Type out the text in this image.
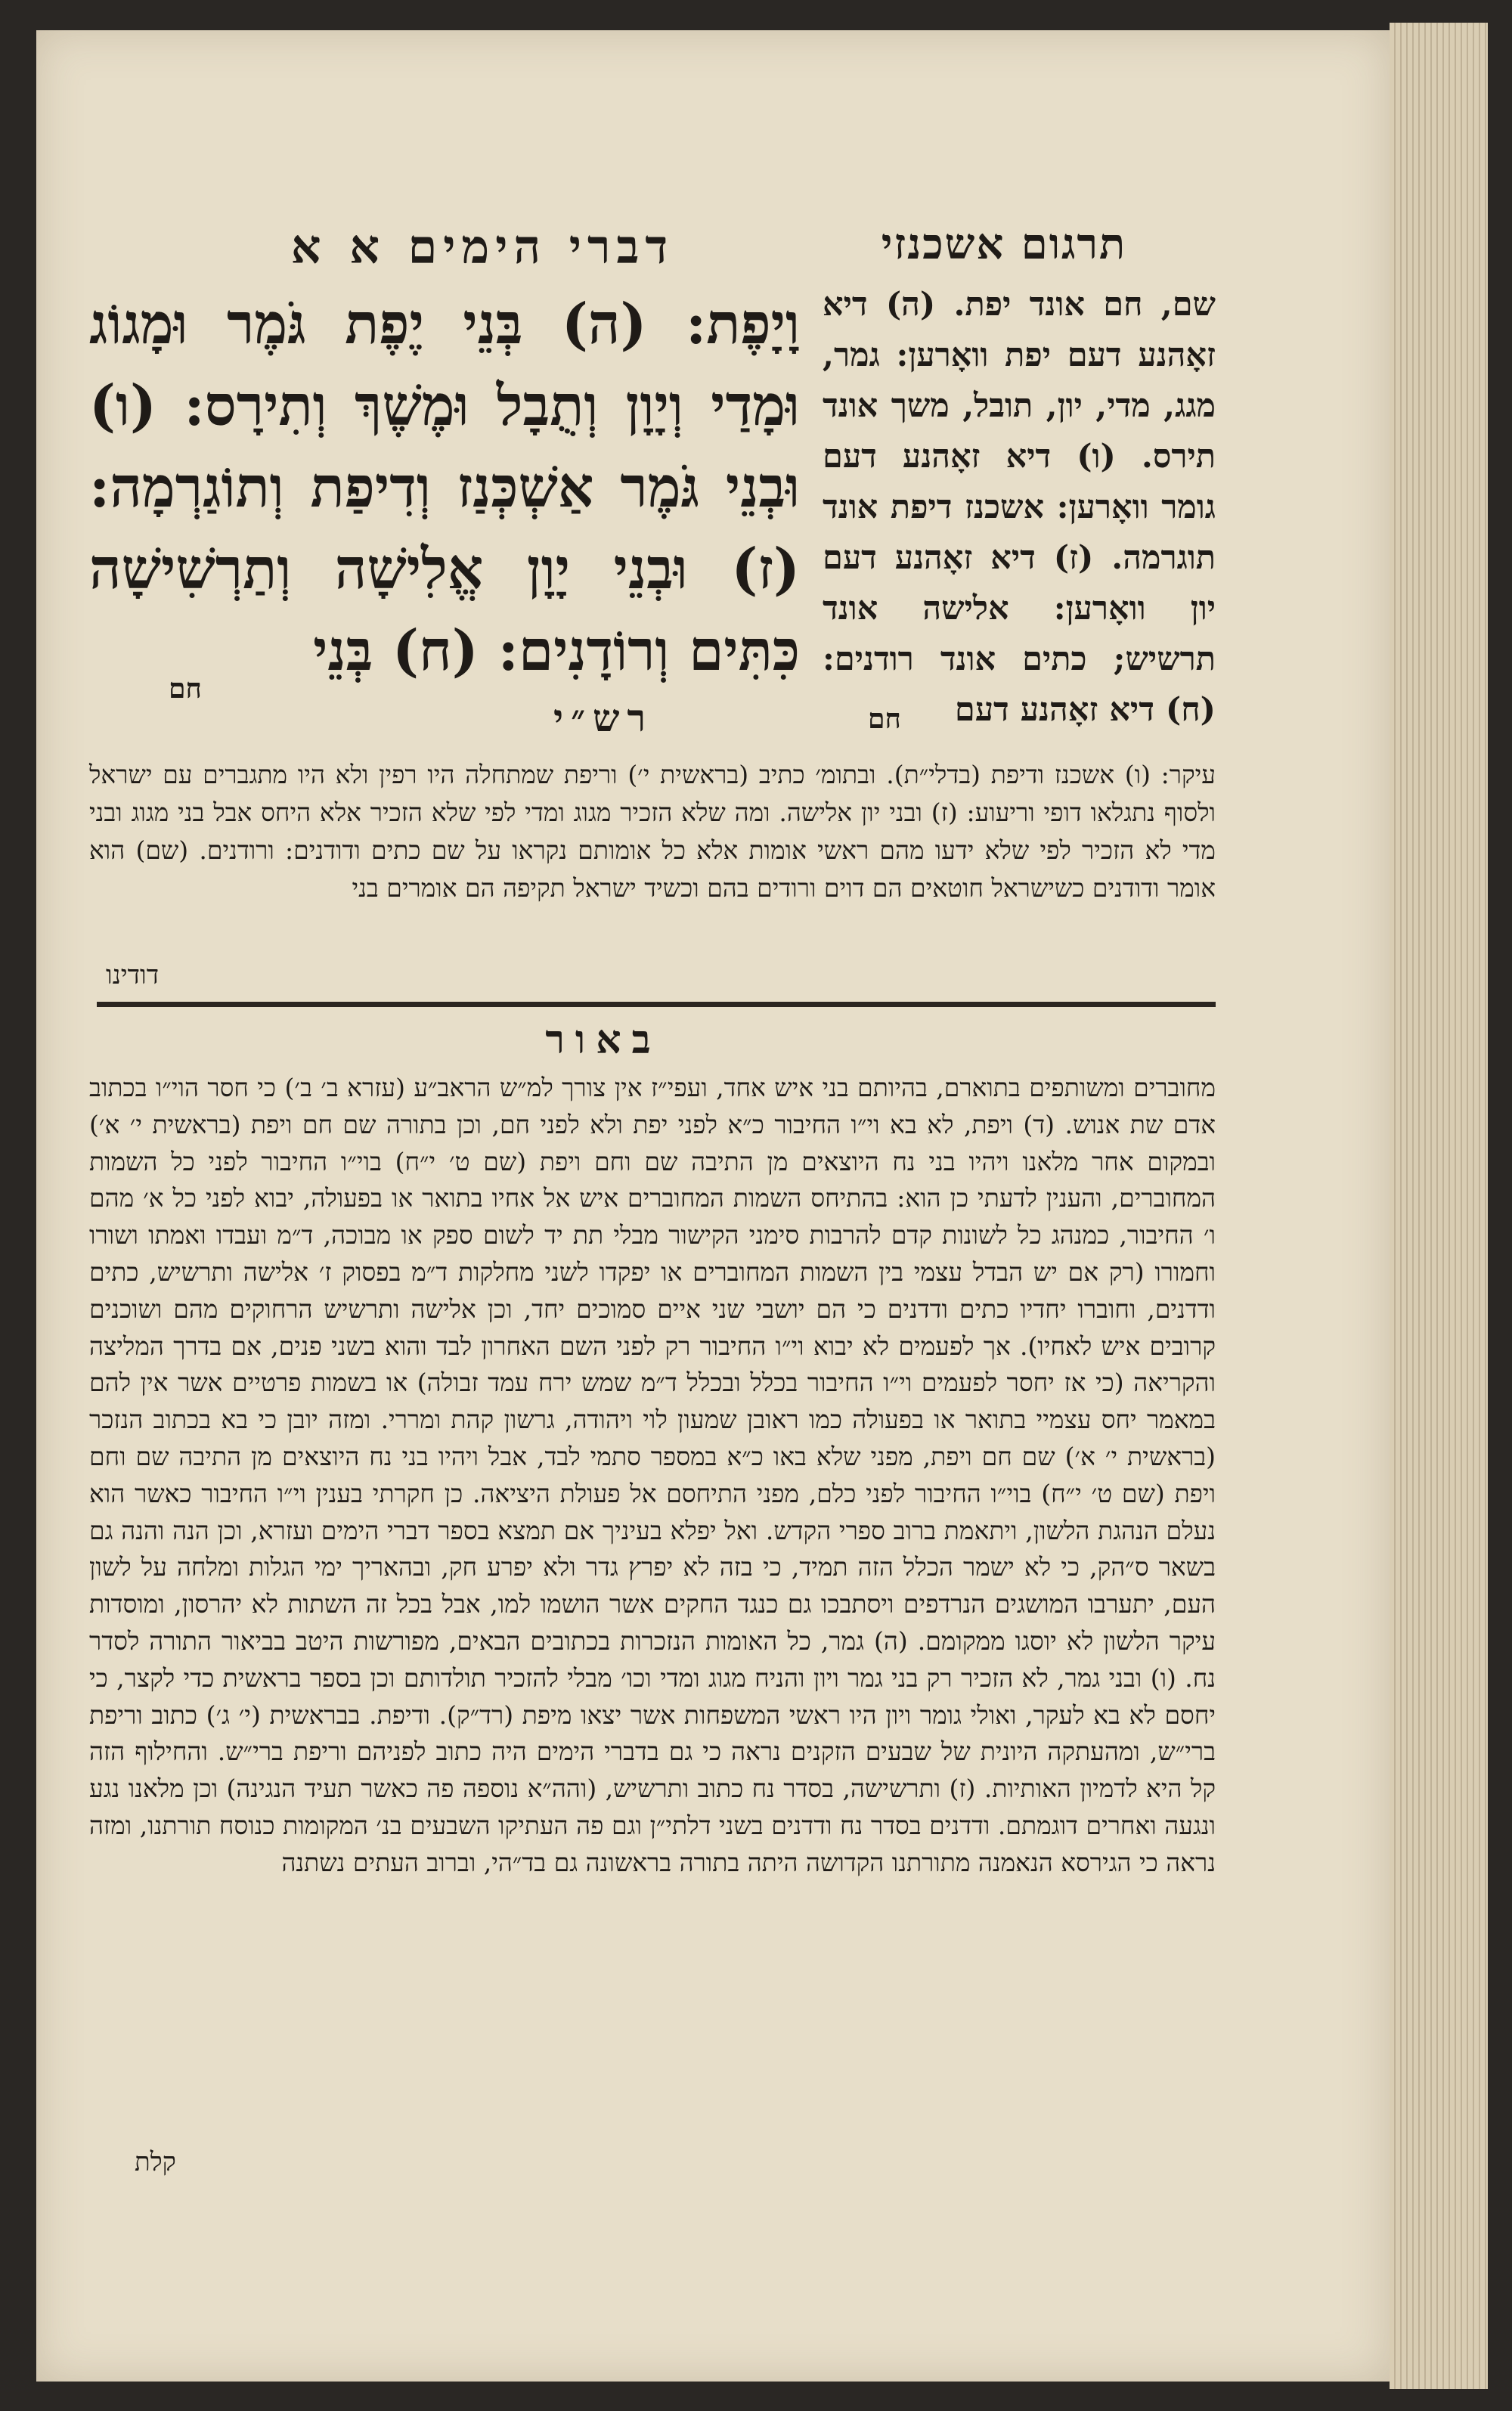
תרגום אשכנזי
שם, חם אונד יפת. (ה) דיא זאָהנע דעם יפת וואָרען: גמר, מגג, מדי, יון, תובל, משך אונד תירס. (ו) דיא זאָהנע דעם גומר וואָרען: אשכנז דיפת אונד תוגרמה. (ז) דיא זאָהנע דעם יון וואָרען: אלישה אונד תרשיש; כתים אונד רודנים: (ח) דיא זאָהנע דעם
חם
דברי הימים א א
וָיָפֶת: (ה) בְּנֵי יֶפֶת גֹּמֶר וּמָגוֹג וּמָדַי וְיָוָן וְתֻבָל וּמֶשֶׁךְ וְתִירָס: (ו) וּבְנֵי גֹּמֶר אַשְׁכְּנַז וְדִיפַת וְתוֹגַרְמָה: (ז) וּבְנֵי יָוָן אֱלִישָׁה וְתַרְשִׁישָׁה כִּתִּים וְרוֹדָנִים: (ח) בְּנֵי
חם
רש״י
עיקר: (ו) אשכנז ודיפת (בדלי״ת). ובתומ׳ כתיב (בראשית י׳) וריפת שמתחלה היו רפין ולא היו מתגברים עם ישראל ולסוף נתגלאו דופי וריעוע: (ז) ובני יון אלישה. ומה שלא הזכיר מגוג ומדי לפי שלא הזכיר אלא היחס אבל בני מגוג ובני מדי לא הזכיר לפי שלא ידעו מהם ראשי אומות אלא כל אומותם נקראו על שם כתים ודודנים: ורודנים. (שם) הוא אומר ודודנים כשישראל חוטאים הם דוים ורודים בהם וכשיד ישראל תקיפה הם אומרים בני
דודינו
באור
מחוברים ומשותפים בתוארם, בהיותם בני איש אחד, ועפי״ז אין צורך למ״ש הראב״ע (עזרא ב׳ ב׳) כי חסר הוי״ו בכתוב אדם שת אנוש. (ד) ויפת, לא בא וי״ו החיבור כ״א לפני יפת ולא לפני חם, וכן בתורה שם חם ויפת (בראשית י׳ א׳) ובמקום אחר מלאנו ויהיו בני נח היוצאים מן התיבה שם וחם ויפת (שם ט׳ י״ח) בוי״ו החיבור לפני כל השמות המחוברים, והענין לדעתי כן הוא: בהתיחס השמות המחוברים איש אל אחיו בתואר או בפעולה, יבוא לפני כל א׳ מהם ו׳ החיבור, כמנהג כל לשונות קדם להרבות סימני הקישור מבלי תת יד לשום ספק או מבוכה, ד״מ ועבדו ואמתו ושורו וחמורו (רק אם יש הבדל עצמי בין השמות המחוברים או יפקדו לשני מחלקות ד״מ בפסוק ז׳ אלישה ותרשיש, כתים ודדנים, וחוברו יחדיו כתים ודדנים כי הם יושבי שני איים סמוכים יחד, וכן אלישה ותרשיש הרחוקים מהם ושוכנים קרובים איש לאחיו). אך לפעמים לא יבוא וי״ו החיבור רק לפני השם האחרון לבד והוא בשני פנים, אם בדרך המליצה והקריאה (כי אז יחסר לפעמים וי״ו החיבור בכלל ובכלל ד״מ שמש ירח עמד זבולה) או בשמות פרטיים אשר אין להם במאמר יחס עצמיי בתואר או בפעולה כמו ראובן שמעון לוי ויהודה, גרשון קהת ומררי. ומזה יובן כי בא בכתוב הנזכר (בראשית י׳ א׳) שם חם ויפת, מפני שלא באו כ״א במספר סתמי לבד, אבל ויהיו בני נח היוצאים מן התיבה שם וחם ויפת (שם ט׳ י״ח) בוי״ו החיבור לפני כלם, מפני התיחסם אל פעולת היציאה. כן חקרתי בענין וי״ו החיבור כאשר הוא נעלם הנהגת הלשון, ויתאמת ברוב ספרי הקדש. ואל יפלא בעיניך אם תמצא בספר דברי הימים ועזרא, וכן הנה והנה גם בשאר ס״הק, כי לא ישמר הכלל הזה תמיד, כי בזה לא יפרץ גדר ולא יפרע חק, ובהאריך ימי הגלות ומלחה על לשון העם, יתערבו המושגים הנרדפים ויסתבכו גם כנגד החקים אשר הושמו למו, אבל בכל זה השתות לא יהרסון, ומוסדות עיקר הלשון לא יוסגו ממקומם. (ה) גמר, כל האומות הנזכרות בכתובים הבאים, מפורשות היטב בביאור התורה לסדר נח. (ו) ובני גמר, לא הזכיר רק בני גמר ויון והניח מגוג ומדי וכו׳ מבלי להזכיר תולדותם וכן בספר בראשית כדי לקצר, כי יחסם לא בא לעקר, ואולי גומר ויון היו ראשי המשפחות אשר יצאו מיפת (רד״ק). ודיפת. בבראשית (י׳ ג׳) כתוב וריפת ברי״ש, ומהעתקה היונית של שבעים הזקנים נראה כי גם בדברי הימים היה כתוב לפניהם וריפת ברי״ש. והחילוף הזה קל היא לדמיון האותיות. (ז) ותרשישה, בסדר נח כתוב ותרשיש, (והה״א נוספה פה כאשר תעיד הנגינה) וכן מלאנו נגע ונגעה ואחרים דוגמתם. ודדנים בסדר נח ודדנים בשני דלתי״ן וגם פה העתיקו השבעים בנ׳ המקומות כנוסח תורתנו, ומזה נראה כי הגירסא הנאמנה מתורתנו הקדושה היתה בתורה בראשונה גם בד״הי, וברוב העתים נשתנה
קלת
